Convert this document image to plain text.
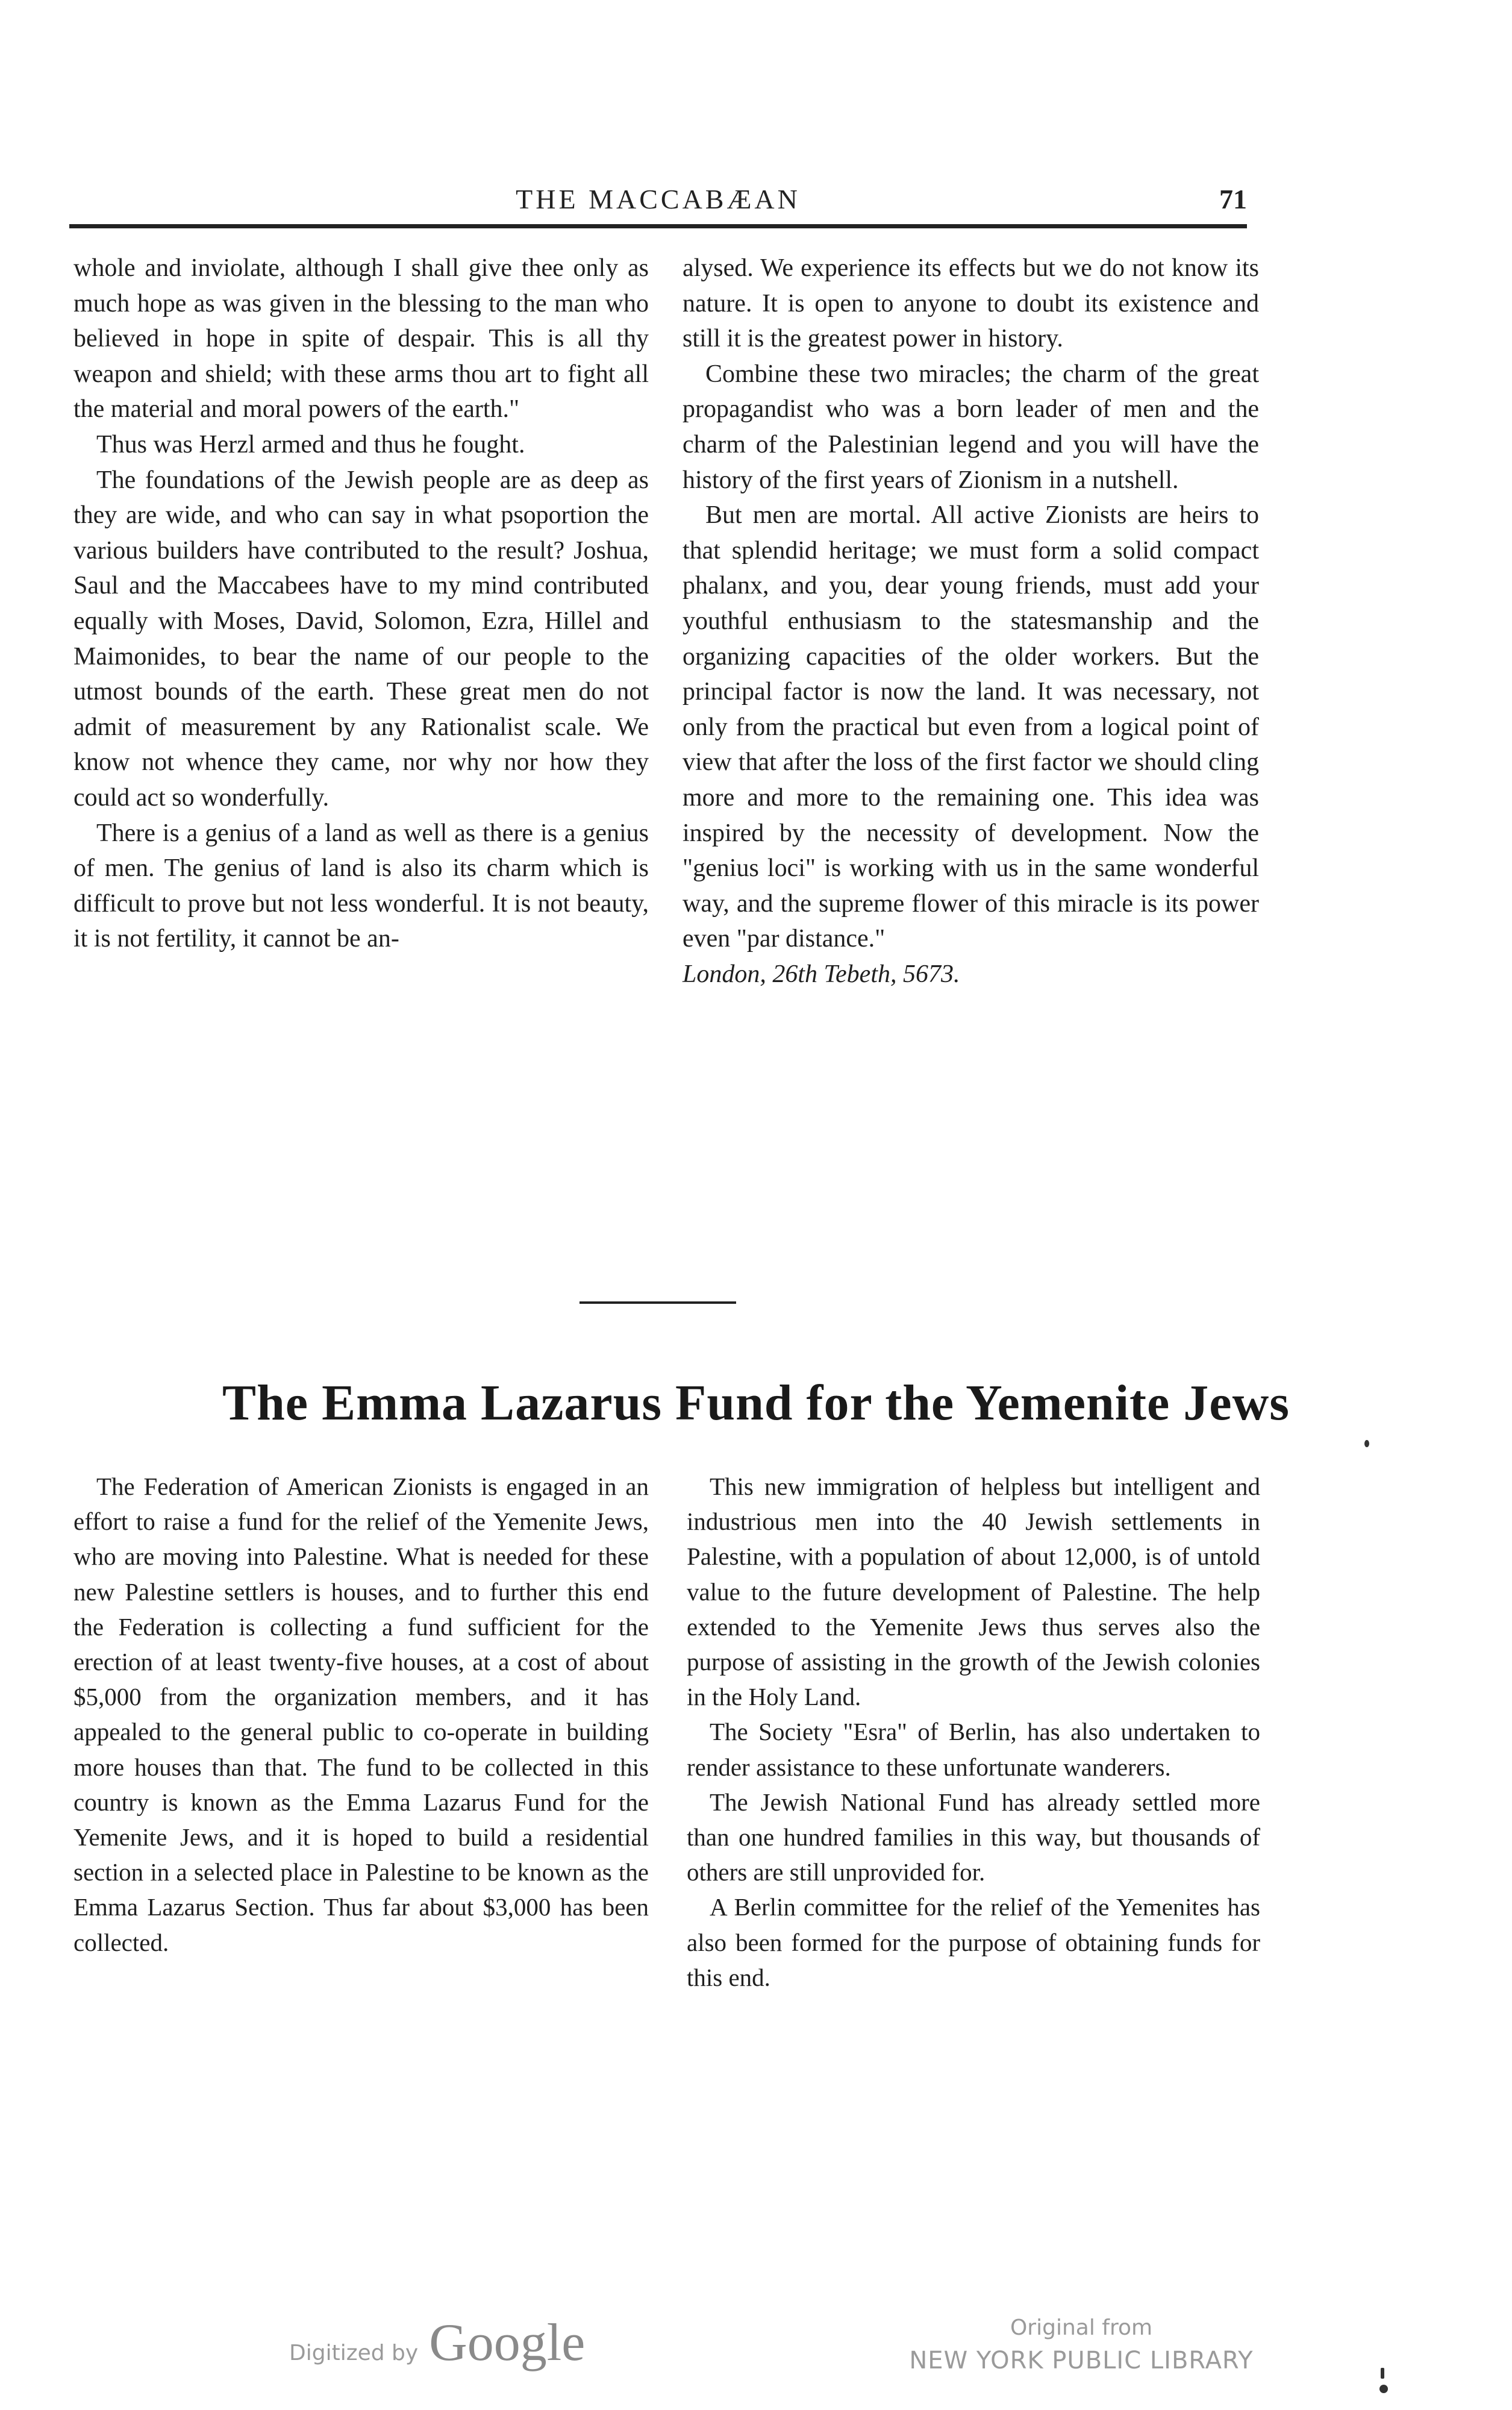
THE MACCABÆAN	71

whole and inviolate, although I shall give thee only as much hope as was given in the blessing to the man who believed in hope in spite of despair. This is all thy weapon and shield; with these arms thou art to fight all the material and moral powers of the earth."

Thus was Herzl armed and thus he fought.

The foundations of the Jewish people are as deep as they are wide, and who can say in what psoportion the various builders have contributed to the result? Joshua, Saul and the Maccabees have to my mind contributed equally with Moses, David, Solomon, Ezra, Hillel and Maimonides, to bear the name of our people to the utmost bounds of the earth. These great men do not admit of measurement by any Rationalist scale. We know not whence they came, nor why nor how they could act so wonderfully.

There is a genius of a land as well as there is a genius of men. The genius of land is also its charm which is difficult to prove but not less wonderful. It is not beauty, it is not fertility, it cannot be an-

alysed. We experience its effects but we do not know its nature. It is open to anyone to doubt its existence and still it is the greatest power in history.

Combine these two miracles; the charm of the great propagandist who was a born leader of men and the charm of the Palestinian legend and you will have the history of the first years of Zionism in a nutshell.

But men are mortal. All active Zionists are heirs to that splendid heritage; we must form a solid compact phalanx, and you, dear young friends, must add your youthful enthusiasm to the statesmanship and the organizing capacities of the older workers. But the principal factor is now the land. It was necessary, not only from the practical but even from a logical point of view that after the loss of the first factor we should cling more and more to the remaining one. This idea was inspired by the necessity of development. Now the "genius loci" is working with us in the same wonderful way, and the supreme flower of this miracle is its power even "par distance."

London, 26th Tebeth, 5673.

The Emma Lazarus Fund for the Yemenite Jews

The Federation of American Zionists is engaged in an effort to raise a fund for the relief of the Yemenite Jews, who are moving into Palestine. What is needed for these new Palestine settlers is houses, and to further this end the Federation is collecting a fund sufficient for the erection of at least twenty-five houses, at a cost of about $5,000 from the organization members, and it has appealed to the general public to co-operate in building more houses than that. The fund to be collected in this country is known as the Emma Lazarus Fund for the Yemenite Jews, and it is hoped to build a residential section in a selected place in Palestine to be known as the Emma Lazarus Section. Thus far about $3,000 has been collected.

This new immigration of helpless but intelligent and industrious men into the 40 Jewish settlements in Palestine, with a population of about 12,000, is of untold value to the future development of Palestine. The help extended to the Yemenite Jews thus serves also the purpose of assisting in the growth of the Jewish colonies in the Holy Land.

The Society "Esra" of Berlin, has also undertaken to render assistance to these unfortunate wanderers.

The Jewish National Fund has already settled more than one hundred families in this way, but thousands of others are still unprovided for.

A Berlin committee for the relief of the Yemenites has also been formed for the purpose of obtaining funds for this end.

Digitized by Google	Original from
NEW YORK PUBLIC LIBRARY
